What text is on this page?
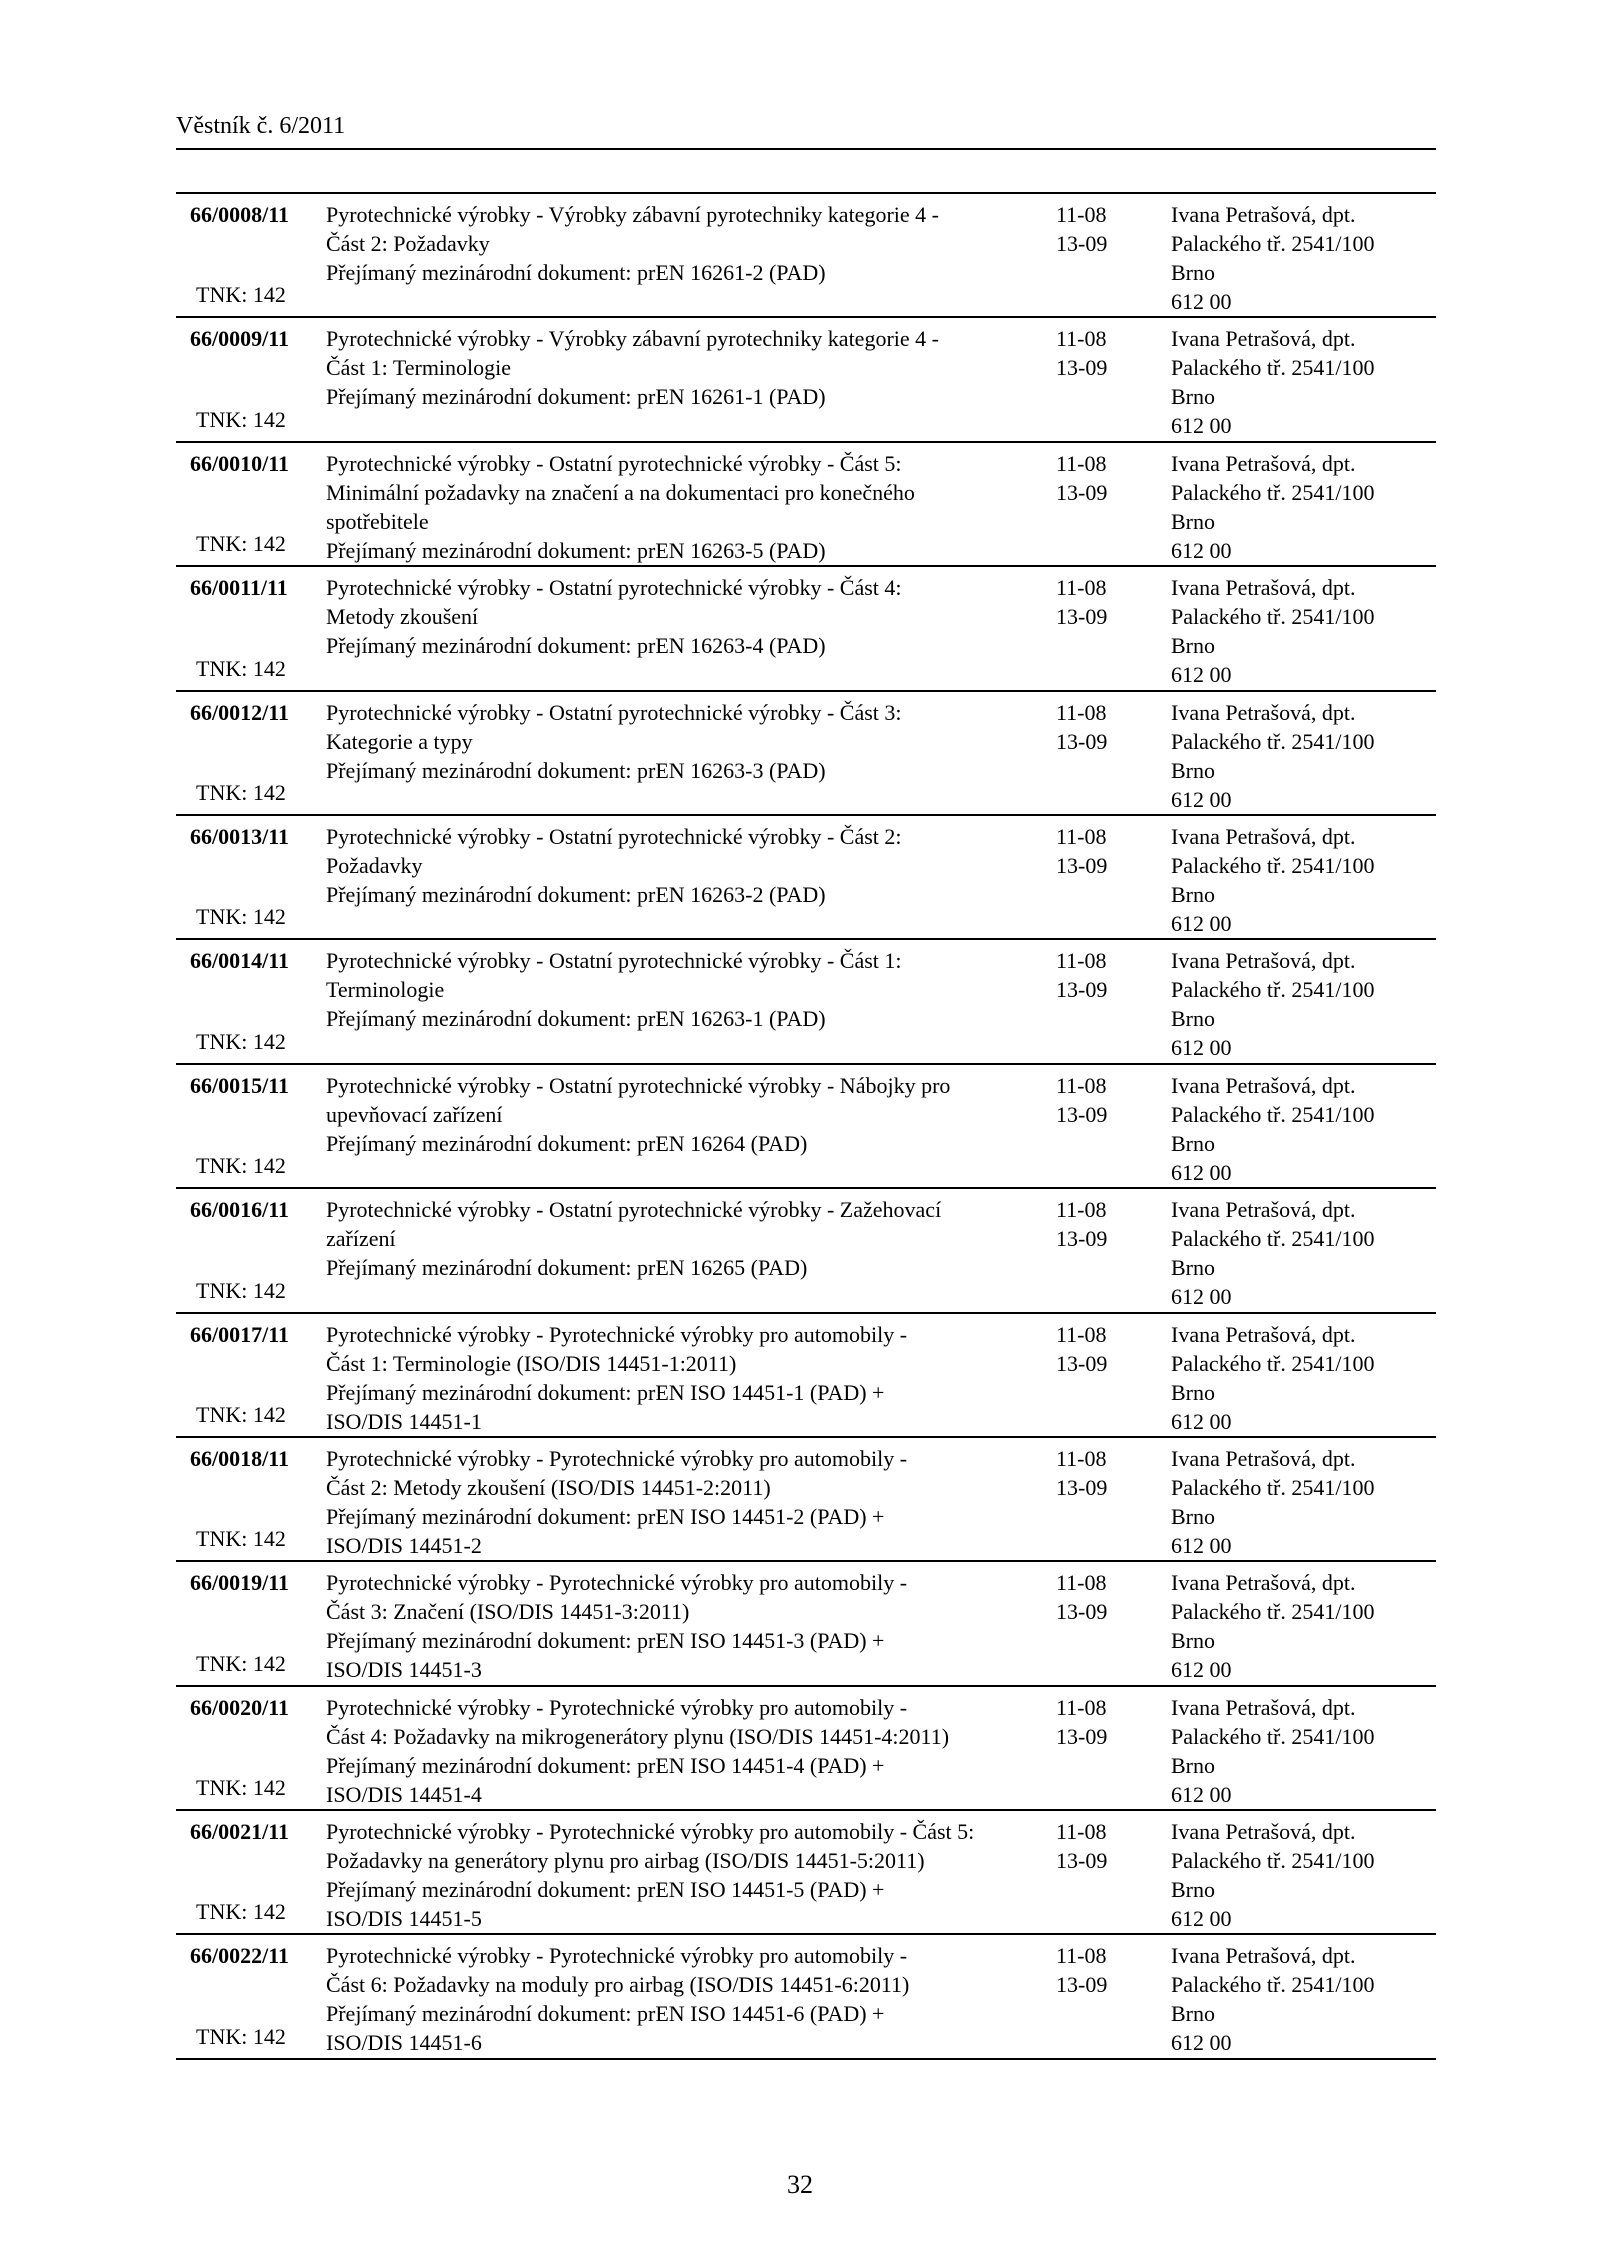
Věstník č. 6/2011
66/0008/11
TNK: 142
Pyrotechnické výrobky - Výrobky zábavní pyrotechniky kategorie 4 -
Část 2: Požadavky
Přejímaný mezinárodní dokument: prEN 16261-2 (PAD)

11-08
13-09
Ivana Petrašová, dpt.
Palackého tř. 2541/100
Brno
612 00
66/0009/11
TNK: 142
Pyrotechnické výrobky - Výrobky zábavní pyrotechniky kategorie 4 -
Část 1: Terminologie
Přejímaný mezinárodní dokument: prEN 16261-1 (PAD)

11-08
13-09
Ivana Petrašová, dpt.
Palackého tř. 2541/100
Brno
612 00
66/0010/11
TNK: 142
Pyrotechnické výrobky - Ostatní pyrotechnické výrobky - Část 5:
Minimální požadavky na značení a na dokumentaci pro konečného
spotřebitele
Přejímaný mezinárodní dokument: prEN 16263-5 (PAD)
11-08
13-09
Ivana Petrašová, dpt.
Palackého tř. 2541/100
Brno
612 00
66/0011/11
TNK: 142
Pyrotechnické výrobky - Ostatní pyrotechnické výrobky - Část 4:
Metody zkoušení
Přejímaný mezinárodní dokument: prEN 16263-4 (PAD)

11-08
13-09
Ivana Petrašová, dpt.
Palackého tř. 2541/100
Brno
612 00
66/0012/11
TNK: 142
Pyrotechnické výrobky - Ostatní pyrotechnické výrobky - Část 3:
Kategorie a typy
Přejímaný mezinárodní dokument: prEN 16263-3 (PAD)

11-08
13-09
Ivana Petrašová, dpt.
Palackého tř. 2541/100
Brno
612 00
66/0013/11
TNK: 142
Pyrotechnické výrobky - Ostatní pyrotechnické výrobky - Část 2:
Požadavky
Přejímaný mezinárodní dokument: prEN 16263-2 (PAD)

11-08
13-09
Ivana Petrašová, dpt.
Palackého tř. 2541/100
Brno
612 00
66/0014/11
TNK: 142
Pyrotechnické výrobky - Ostatní pyrotechnické výrobky - Část 1:
Terminologie
Přejímaný mezinárodní dokument: prEN 16263-1 (PAD)

11-08
13-09
Ivana Petrašová, dpt.
Palackého tř. 2541/100
Brno
612 00
66/0015/11
TNK: 142
Pyrotechnické výrobky - Ostatní pyrotechnické výrobky - Nábojky pro
upevňovací zařízení
Přejímaný mezinárodní dokument: prEN 16264 (PAD)

11-08
13-09
Ivana Petrašová, dpt.
Palackého tř. 2541/100
Brno
612 00
66/0016/11
TNK: 142
Pyrotechnické výrobky - Ostatní pyrotechnické výrobky - Zažehovací
zařízení
Přejímaný mezinárodní dokument: prEN 16265 (PAD)

11-08
13-09
Ivana Petrašová, dpt.
Palackého tř. 2541/100
Brno
612 00
66/0017/11
TNK: 142
Pyrotechnické výrobky - Pyrotechnické výrobky pro automobily -
Část 1: Terminologie (ISO/DIS 14451-1:2011)
Přejímaný mezinárodní dokument: prEN ISO 14451-1 (PAD) +
ISO/DIS 14451-1
11-08
13-09
Ivana Petrašová, dpt.
Palackého tř. 2541/100
Brno
612 00
66/0018/11
TNK: 142
Pyrotechnické výrobky - Pyrotechnické výrobky pro automobily -
Část 2: Metody zkoušení (ISO/DIS 14451-2:2011)
Přejímaný mezinárodní dokument: prEN ISO 14451-2 (PAD) +
ISO/DIS 14451-2
11-08
13-09
Ivana Petrašová, dpt.
Palackého tř. 2541/100
Brno
612 00
66/0019/11
TNK: 142
Pyrotechnické výrobky - Pyrotechnické výrobky pro automobily -
Část 3: Značení (ISO/DIS 14451-3:2011)
Přejímaný mezinárodní dokument: prEN ISO 14451-3 (PAD) +
ISO/DIS 14451-3
11-08
13-09
Ivana Petrašová, dpt.
Palackého tř. 2541/100
Brno
612 00
66/0020/11
TNK: 142
Pyrotechnické výrobky - Pyrotechnické výrobky pro automobily -
Část 4: Požadavky na mikrogenerátory plynu (ISO/DIS 14451-4:2011)
Přejímaný mezinárodní dokument: prEN ISO 14451-4 (PAD) +
ISO/DIS 14451-4
11-08
13-09
Ivana Petrašová, dpt.
Palackého tř. 2541/100
Brno
612 00
66/0021/11
TNK: 142
Pyrotechnické výrobky - Pyrotechnické výrobky pro automobily - Část 5:
Požadavky na generátory plynu pro airbag (ISO/DIS 14451-5:2011)
Přejímaný mezinárodní dokument: prEN ISO 14451-5 (PAD) +
ISO/DIS 14451-5
11-08
13-09
Ivana Petrašová, dpt.
Palackého tř. 2541/100
Brno
612 00
66/0022/11
TNK: 142
Pyrotechnické výrobky - Pyrotechnické výrobky pro automobily -
Část 6: Požadavky na moduly pro airbag (ISO/DIS 14451-6:2011)
Přejímaný mezinárodní dokument: prEN ISO 14451-6 (PAD) +
ISO/DIS 14451-6
11-08
13-09
Ivana Petrašová, dpt.
Palackého tř. 2541/100
Brno
612 00
32
